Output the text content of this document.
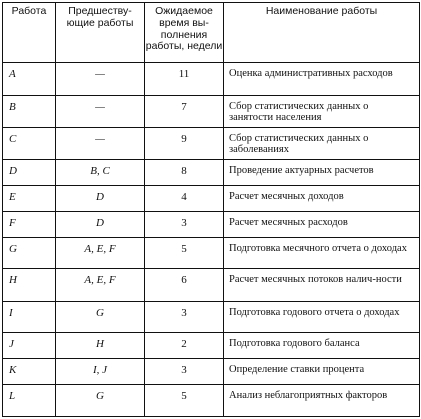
Работа	Предшеству-ющие работы	Ожидаемое время вы-полнения работы, недели	Наименование работы
A	—	11	Оценка административных расходов
B	—	7	Сбор статистических данных о занятости населения
C	—	9	Сбор статистических данных о заболеваниях
D	B, C	8	Проведение актуарных расчетов
E	D	4	Расчет месячных доходов
F	D	3	Расчет месячных расходов
G	A, E, F	5	Подготовка месячного отчета о доходах
H	A, E, F	6	Расчет месячных потоков налич-ности
I	G	3	Подготовка годового отчета о доходах
J	H	2	Подготовка годового баланса
K	I, J	3	Определение ставки процента
L	G	5	Анализ неблагоприятных факторов
